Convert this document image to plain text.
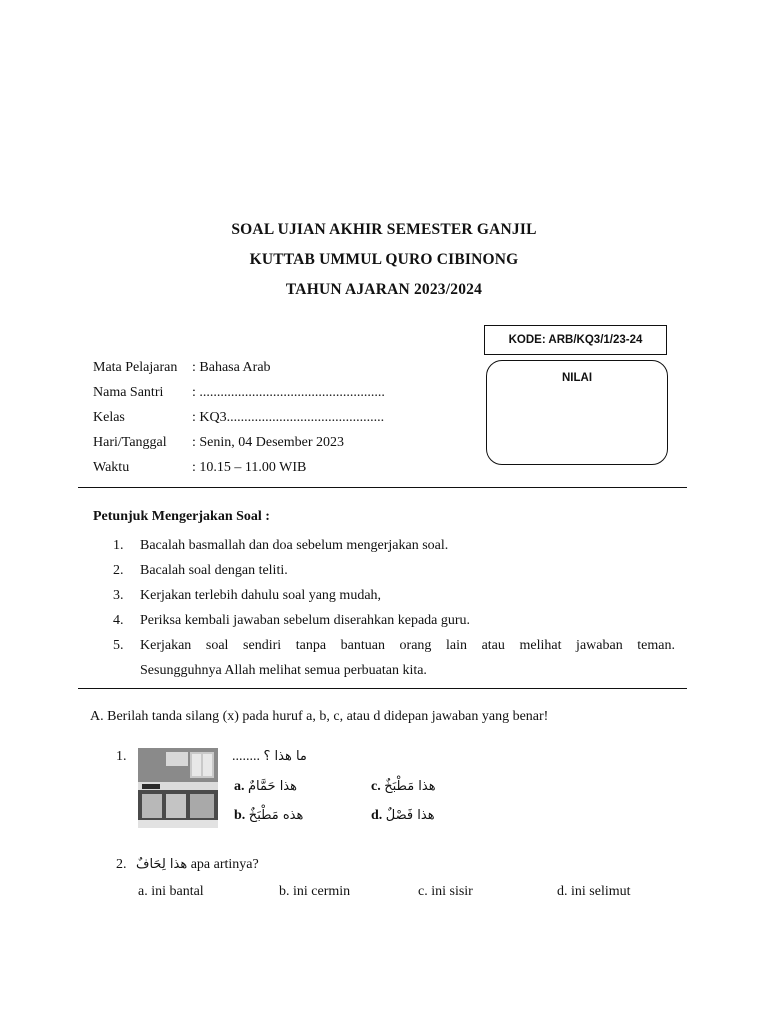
SOAL UJIAN AKHIR SEMESTER GANJIL
KUTTAB UMMUL QURO CIBINONG
TAHUN AJARAN 2023/2024
KODE: ARB/KQ3/1/23-24
NILAI
Mata Pelajaran	: Bahasa Arab
Nama Santri	: .....................................................
Kelas	: KQ3.............................................
Hari/Tanggal	: Senin, 04 Desember 2023
Waktu	: 10.15 – 11.00 WIB
Petunjuk Mengerjakan Soal :
1.	Bacalah basmallah dan doa sebelum mengerjakan soal.
2.	Bacalah soal dengan teliti.
3.	Kerjakan terlebih dahulu soal yang mudah,
4.	Periksa kembali jawaban sebelum diserahkan kepada guru.
5.	Kerjakan soal sendiri tanpa bantuan orang lain atau melihat jawaban teman.
Sesungguhnya Allah melihat semua perbuatan kita.
A. Berilah tanda silang (x) pada huruf a, b, c, atau d didepan jawaban yang benar!
1.	........ ما هذا ؟
a. هذا حَمَّامٌ	c. هذا مَطْبَخٌ
b. هذه مَطْبَخٌ	d. هذا فَصْلٌ
2. هذا لِحَافٌ apa artinya?
a. ini bantal	b. ini cermin	c. ini sisir	d. ini selimut
